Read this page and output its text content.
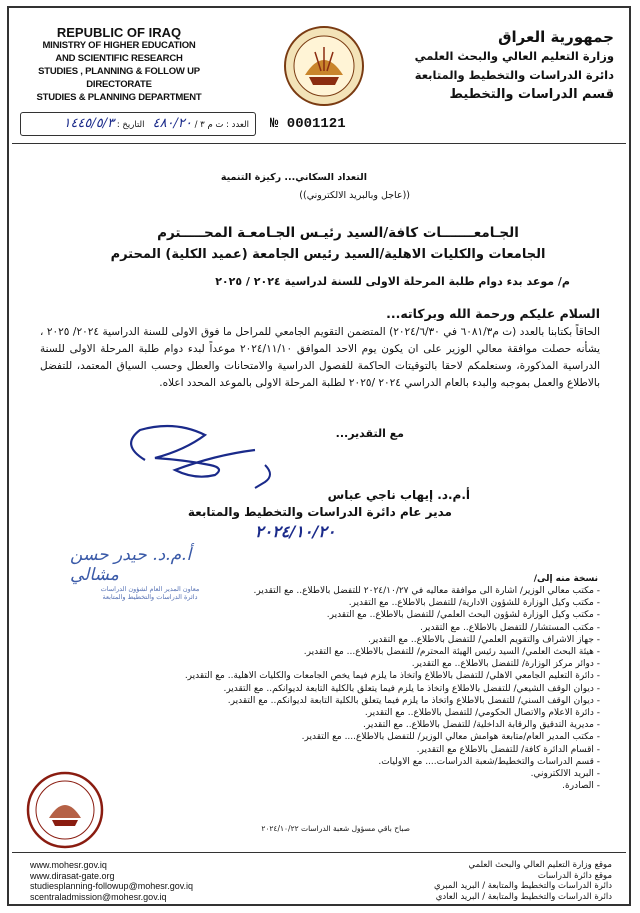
REPUBLIC OF IRAQ
MINISTRY OF HIGHER EDUCATION
AND SCIENTIFIC RESEARCH
STUDIES , PLANNING & FOLLOW UP DIRECTORATE
STUDIES & PLANNING DEPARTMENT
جمهورية العراق
وزارة التعليم العالي والبحث العلمي
دائرة الدراسات والتخطيط والمتابعة
قسم الدراسات والتخطيط
العدد : ت م ٣ / ٤٨٠/٢٠   التاريخ : ١٤٤٥/٥/٣	№ 0001121
التعداد السكاني... ركيزة التنمية
((عاجل وبالبريد الالكتروني))
الجـامعـــــــات كافة/السيد رئيـس الجـامعـة المحـــــترم
الجامعات والكليات الاهلية/السيد رئيس الجامعة (عميد الكلية) المحترم
م/ موعد بدء دوام طلبة المرحلة الاولى للسنة لدراسية ٢٠٢٤ / ٢٠٢٥
السلام عليكم ورحمة الله وبركاته...
الحاقاً بكتابنا بالعدد (ت م٦٠٨١/٣ في ٢٠٢٤/٦/٣٠) المتضمن التقويم الجامعي للمراحل ما فوق الاولى للسنة الدراسية ٢٠٢٤/ ٢٠٢٥ ، يشأنه حصلت موافقة معالي الوزير على ان يكون يوم الاحد الموافق ٢٠٢٤/١١/١٠ موعداً لبدء دوام طلبة المرحلة الاولى للسنة الدراسية المذكورة، وسنعلمكم لاحقا بالتوقيتات الحاكمة للفصول الدراسية والامتحانات والعطل وحسب السياق المعتمد، للتفضل بالاطلاع والعمل بموجبه والبدء بالعام الدراسي ٢٠٢٤ /٢٠٢٥ لطلبة المرحلة الاولى بالموعد المحدد اعلاه.
مع التقدير...
أ.م.د. إيهاب ناجي عباس
مدير عام دائرة الدراسات والتخطيط والمتابعة
٢٠٢٤/١٠/٢٠
أ.م.د. حيدر حسن مشالي
معاون المدير العام لشؤون الدراسات
دائرة الدراسات والتخطيط والمتابعة
نسخة منه إلى/
- مكتب معالي الوزير/ اشارة الى موافقة معاليه في ٢٠٢٤/١٠/٢٧ للتفضل بالاطلاع.. مع التقدير.
- مكتب وكيل الوزارة للشؤون الادارية/ للتفضل بالاطلاع.. مع التقدير.
- مكتب وكيل الوزارة لشؤون البحث العلمي/ للتفضل بالاطلاع.. مع التقدير.
- مكتب المستشار/ للتفضل بالاطلاع.. مع التقدير.
- جهاز الاشراف والتقويم العلمي/ للتفضل بالاطلاع.. مع التقدير.
- هيئة البحث العلمي/ السيد رئيس الهيئة المحترم/ للتفضل بالاطلاع... مع التقدير.
- دوائر مركز الوزارة/ للتفضل بالاطلاع.. مع التقدير.
- دائرة التعليم الجامعي الاهلي/ للتفضل بالاطلاع واتخاذ ما يلزم فيما يخص الجامعات والكليات الاهلية.. مع التقدير.
- ديوان الوقف الشيعي/ للتفضل بالاطلاع واتخاذ ما يلزم فيما يتعلق بالكلية التابعة لديوانكم.. مع التقدير.
- ديوان الوقف السني/ للتفضل بالاطلاع واتخاذ ما يلزم فيما يتعلق بالكلية التابعة لديوانكم.. مع التقدير.
- دائرة الاعلام والاتصال الحكومي/ للتفضل بالاطلاع.. مع التقدير.
- مديرية التدقيق والرقابة الداخلية/ للتفضل بالاطلاع.. مع التقدير.
- مكتب المدير العام/متابعة هوامش معالي الوزير/ للتفضل بالاطلاع.... مع التقدير.
- اقسام الدائرة كافة/ للتفضل بالاطلاع مع التقدير.
- قسم الدراسات والتخطيط/شعبة الدراسات.... مع الاوليات.
- البريد الالكتروني.
- الصادرة.
صباح باقي مسؤول شعبة الدراسات ٢٠٢٤/١٠/٢٢
www.mohesr.gov.iq
www.dirasat-gate.org
studiesplanning-followup@mohesr.gov.iq
scentraladmission@mohesr.gov.iq
موقع وزارة التعليم العالي والبحث العلمي
موقع دائرة الدراسات
دائرة الدراسات والتخطيط والمتابعة / البريد المبري
دائرة الدراسات والتخطيط والمتابعة / البريد العادي
